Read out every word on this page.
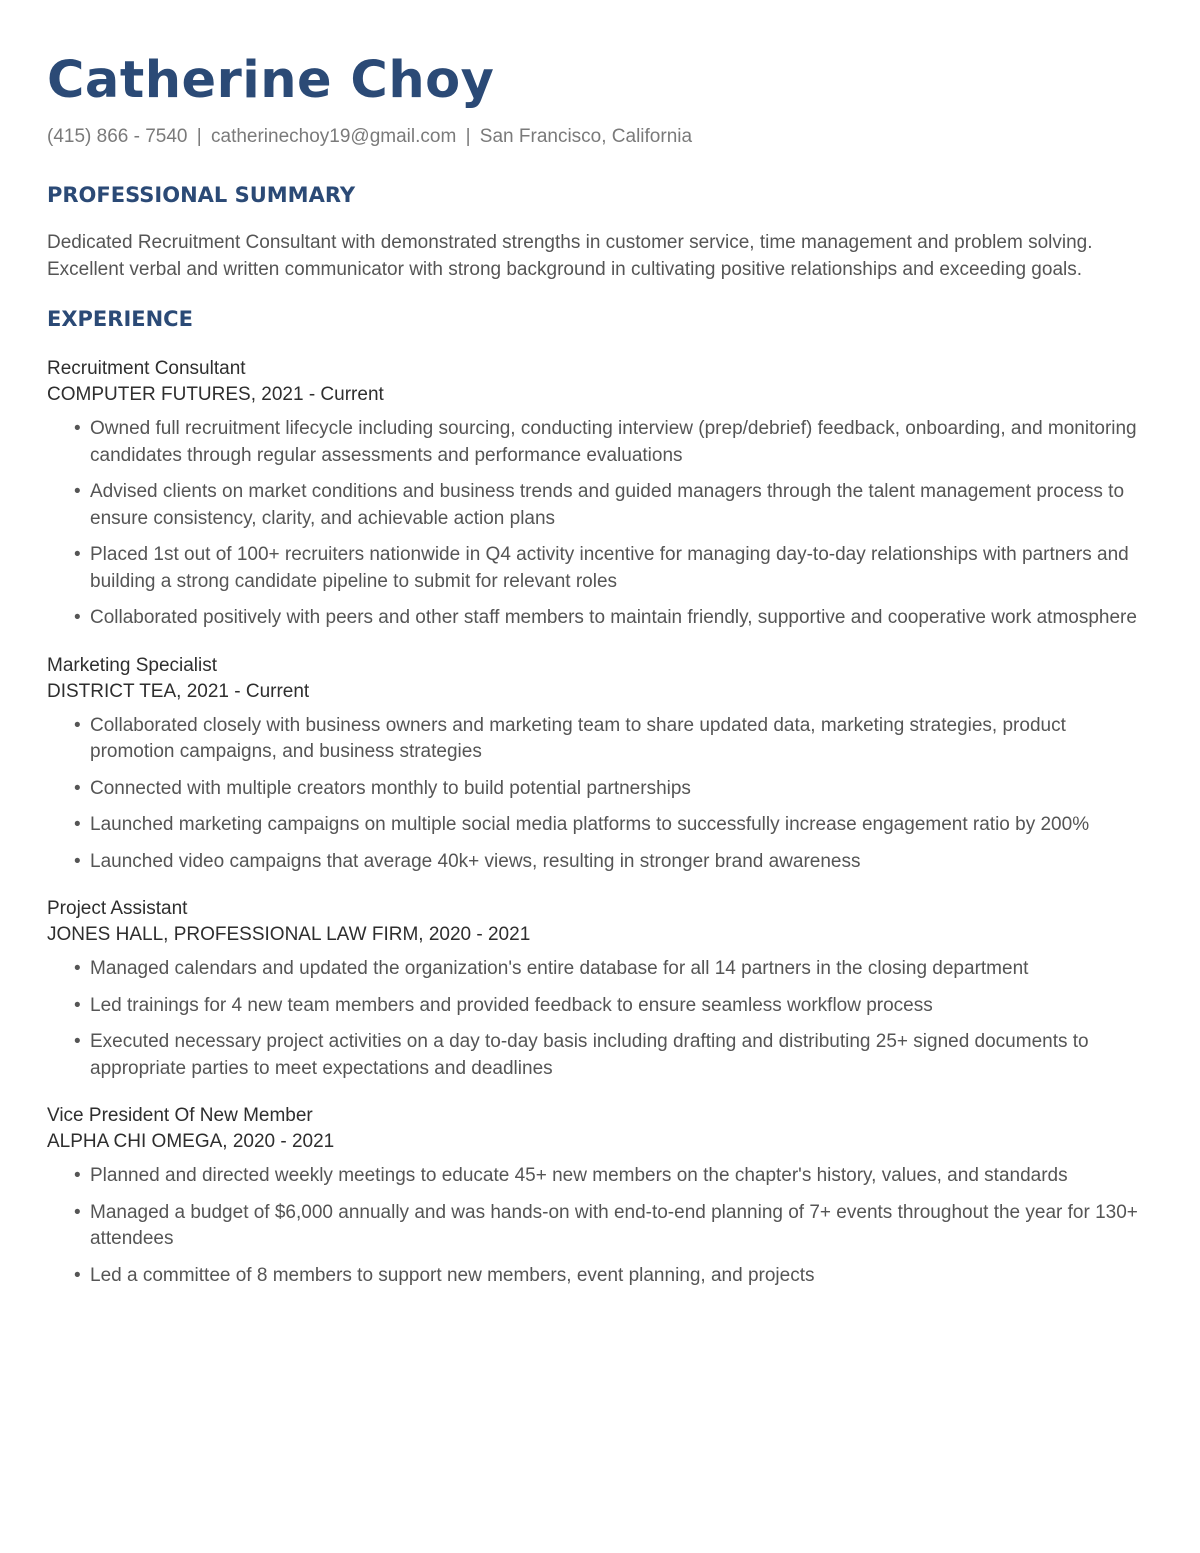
Catherine Choy
(415) 866 - 7540 | catherinechoy19@gmail.com | San Francisco, California
PROFESSIONAL SUMMARY
Dedicated Recruitment Consultant with demonstrated strengths in customer service, time management and problem solving. Excellent verbal and written communicator with strong background in cultivating positive relationships and exceeding goals.
EXPERIENCE
Recruitment Consultant
COMPUTER FUTURES, 2021 - Current
• Owned full recruitment lifecycle including sourcing, conducting interview (prep/debrief) feedback, onboarding, and monitoring candidates through regular assessments and performance evaluations
• Advised clients on market conditions and business trends and guided managers through the talent management process to ensure consistency, clarity, and achievable action plans
• Placed 1st out of 100+ recruiters nationwide in Q4 activity incentive for managing day-to-day relationships with partners and building a strong candidate pipeline to submit for relevant roles
• Collaborated positively with peers and other staff members to maintain friendly, supportive and cooperative work atmosphere
Marketing Specialist
DISTRICT TEA, 2021 - Current
• Collaborated closely with business owners and marketing team to share updated data, marketing strategies, product
promotion campaigns, and business strategies
• Connected with multiple creators monthly to build potential partnerships
• Launched marketing campaigns on multiple social media platforms to successfully increase engagement ratio by 200%
• Launched video campaigns that average 40k+ views, resulting in stronger brand awareness
Project Assistant
JONES HALL, PROFESSIONAL LAW FIRM, 2020 - 2021
• Managed calendars and updated the organization's entire database for all 14 partners in the closing department
• Led trainings for 4 new team members and provided feedback to ensure seamless workflow process
• Executed necessary project activities on a day to-day basis including drafting and distributing 25+ signed documents to appropriate parties to meet expectations and deadlines
Vice President Of New Member
ALPHA CHI OMEGA, 2020 - 2021
• Planned and directed weekly meetings to educate 45+ new members on the chapter's history, values, and standards
• Managed a budget of $6,000 annually and was hands-on with end-to-end planning of 7+ events throughout the year for 130+ attendees
• Led a committee of 8 members to support new members, event planning, and projects
